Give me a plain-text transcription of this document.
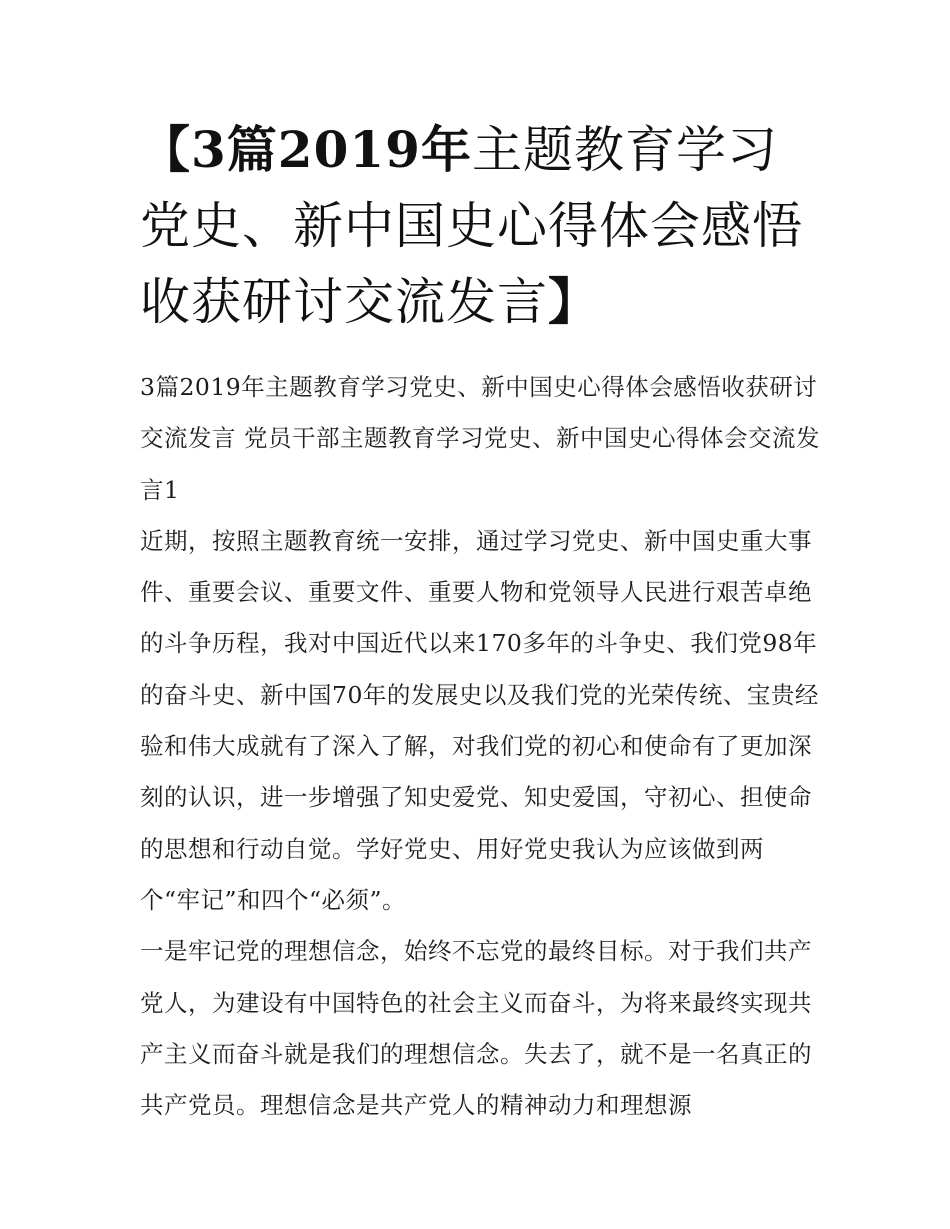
【3篇2019年主题教育学习党史、新中国史心得体会感悟收获研讨交流发言】

3篇2019年主题教育学习党史、新中国史心得体会感悟收获研讨交流发言 党员干部主题教育学习党史、新中国史心得体会交流发言1

近期，按照主题教育统一安排，通过学习党史、新中国史重大事件、重要会议、重要文件、重要人物和党领导人民进行艰苦卓绝的斗争历程，我对中国近代以来170多年的斗争史、我们党98年的奋斗史、新中国70年的发展史以及我们党的光荣传统、宝贵经验和伟大成就有了深入了解，对我们党的初心和使命有了更加深刻的认识，进一步增强了知史爱党、知史爱国，守初心、担使命的思想和行动自觉。学好党史、用好党史我认为应该做到两个“牢记”和四个“必须”。

一是牢记党的理想信念，始终不忘党的最终目标。对于我们共产党人，为建设有中国特色的社会主义而奋斗，为将来最终实现共产主义而奋斗就是我们的理想信念。失去了，就不是一名真正的共产党员。理想信念是共产党人的精神动力和理想源
